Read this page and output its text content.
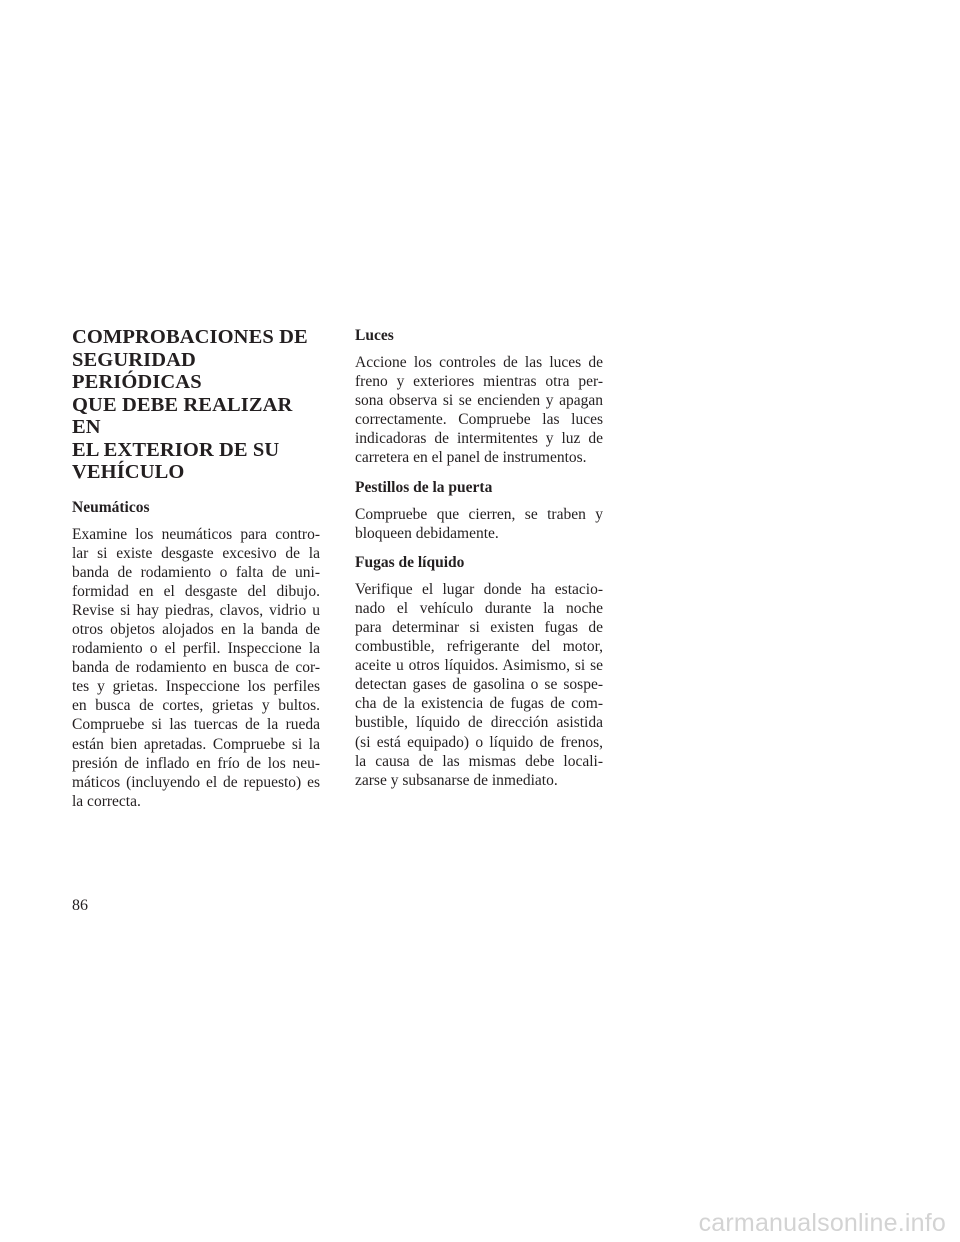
COMPROBACIONES DE
SEGURIDAD PERIÓDICAS
QUE DEBE REALIZAR EN
EL EXTERIOR DE SU
VEHÍCULO
Neumáticos

Examine los neumáticos para contro-
lar si existe desgaste excesivo de la
banda de rodamiento o falta de uni-
formidad en el desgaste del dibujo.
Revise si hay piedras, clavos, vidrio u
otros objetos alojados en la banda de
rodamiento o el perfil. Inspeccione la
banda de rodamiento en busca de cor-
tes y grietas. Inspeccione los perfiles
en busca de cortes, grietas y bultos.
Compruebe si las tuercas de la rueda
están bien apretadas. Compruebe si la
presión de inflado en frío de los neu-
máticos (incluyendo el de repuesto) es
la correcta.

Luces

Accione los controles de las luces de
freno y exteriores mientras otra per-
sona observa si se encienden y apagan
correctamente. Compruebe las luces
indicadoras de intermitentes y luz de
carretera en el panel de instrumentos.

Pestillos de la puerta

Compruebe que cierren, se traben y
bloqueen debidamente.

Fugas de líquido

Verifique el lugar donde ha estacio-
nado el vehículo durante la noche
para determinar si existen fugas de
combustible, refrigerante del motor,
aceite u otros líquidos. Asimismo, si se
detectan gases de gasolina o se sospe-
cha de la existencia de fugas de com-
bustible, líquido de dirección asistida
(si está equipado) o líquido de frenos,
la causa de las mismas debe locali-
zarse y subsanarse de inmediato.

86
carmanualsonline.info
